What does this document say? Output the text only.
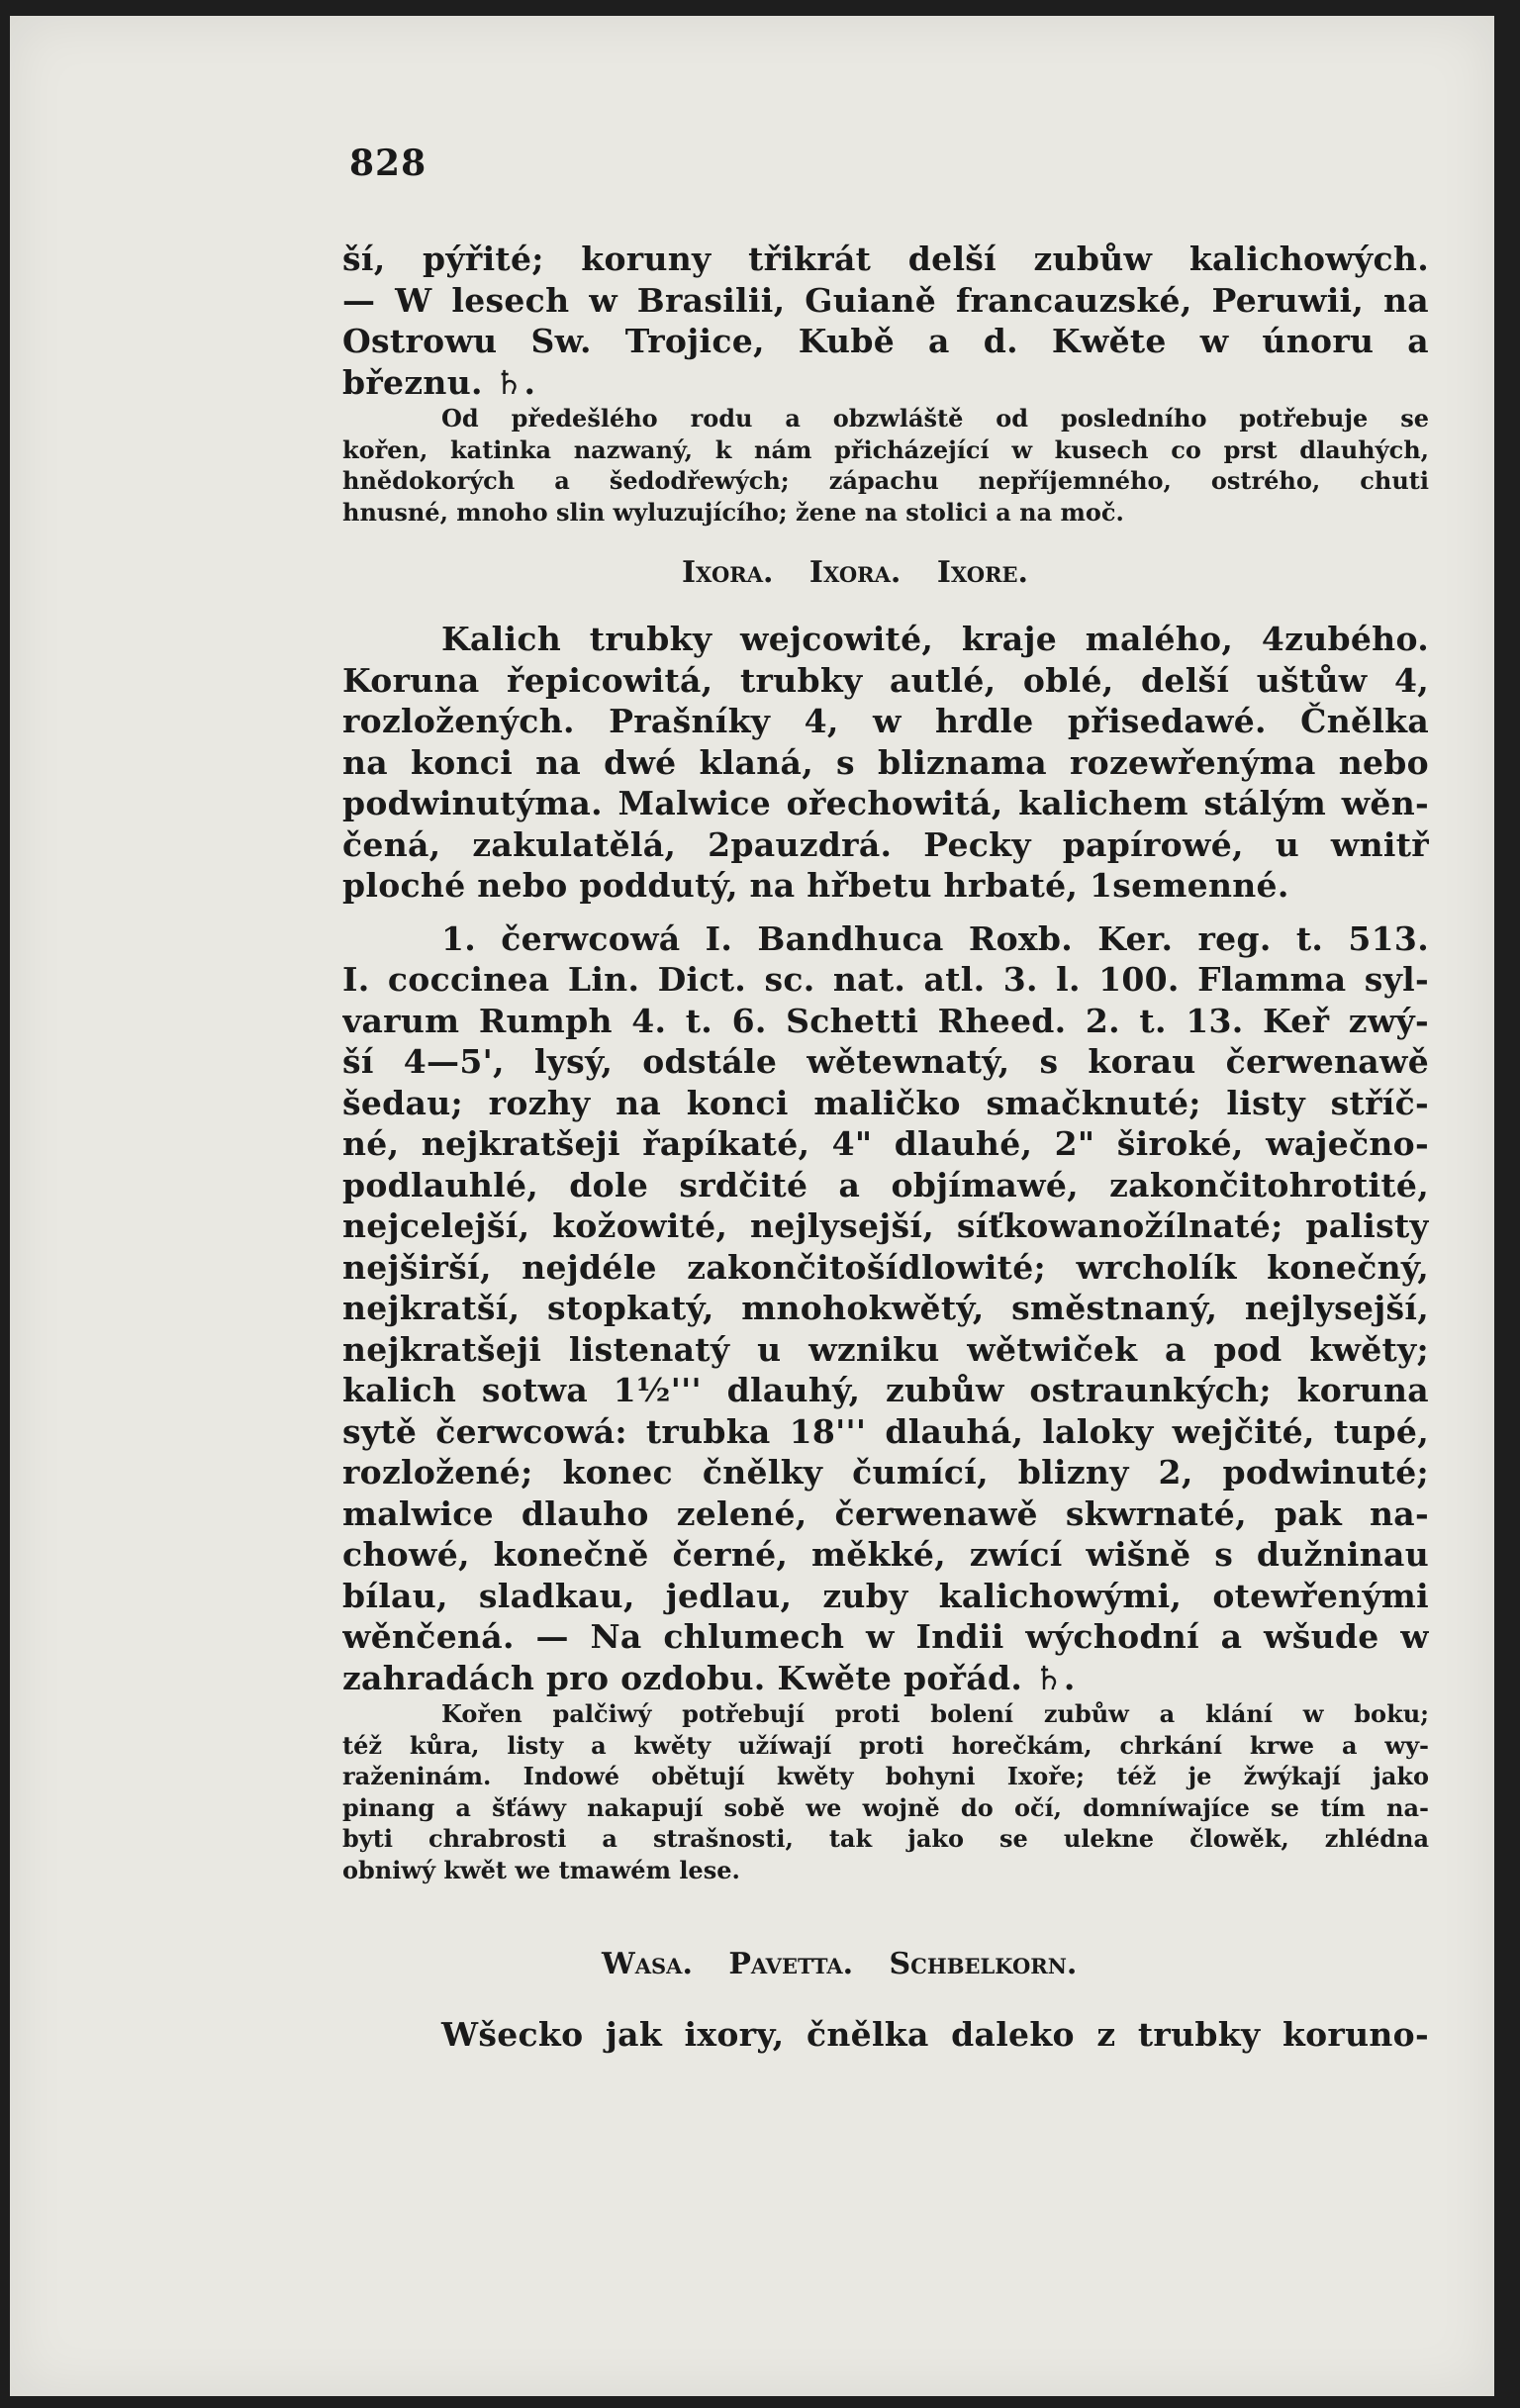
828
ší, pýřité; koruny třikrát delší zubůw kalichowých.
— W lesech w Brasilii, Guianě francauzské, Peruwii, na
Ostrowu Sw. Trojice, Kubě a d. Kwěte w únoru a
březnu. ♄.
Od předešlého rodu a obzwláště od posledního potřebuje se
kořen, katinka nazwaný, k nám přicházející w kusech co prst dlauhých,
hnědokorých a šedodřewých; zápachu nepříjemného, ostrého, chuti
hnusné, mnoho slin wyluzujícího; žene na stolici a na moč.
Ixora. Ixora. Ixore.
Kalich trubky wejcowité, kraje malého, 4zubého.
Koruna řepicowitá, trubky autlé, oblé, delší uštůw 4,
rozložených. Prašníky 4, w hrdle přisedawé. Čnělka
na konci na dwé klaná, s bliznama rozewřenýma nebo
podwinutýma. Malwice ořechowitá, kalichem stálým wěn-
čená, zakulatělá, 2pauzdrá. Pecky papírowé, u wnitř
ploché nebo poddutý, na hřbetu hrbaté, 1semenné.
1. čerwcowá I. Bandhuca Roxb. Ker. reg. t. 513.
I. coccinea Lin. Dict. sc. nat. atl. 3. l. 100. Flamma syl-
varum Rumph 4. t. 6. Schetti Rheed. 2. t. 13. Keř zwý-
ší 4—5', lysý, odstále wětewnatý, s korau čerwenawě
šedau; rozhy na konci maličko smačknuté; listy stříč-
né, nejkratšeji řapíkaté, 4" dlauhé, 2" široké, waječno-
podlauhlé, dole srdčité a objímawé, zakončitohrotité,
nejcelejší, kožowité, nejlysejší, síťkowanožílnaté; palisty
nejširší, nejdéle zakončitošídlowité; wrcholík konečný,
nejkratší, stopkatý, mnohokwětý, směstnaný, nejlysejší,
nejkratšeji listenatý u wzniku wětwiček a pod kwěty;
kalich sotwa 1½''' dlauhý, zubůw ostraunkých; koruna
sytě čerwcowá: trubka 18''' dlauhá, laloky wejčité, tupé,
rozložené; konec čnělky čumící, blizny 2, podwinuté;
malwice dlauho zelené, čerwenawě skwrnaté, pak na-
chowé, konečně černé, měkké, zwící wišně s dužninau
bílau, sladkau, jedlau, zuby kalichowými, otewřenými
wěnčená. — Na chlumech w Indii wýchodní a wšude w
zahradách pro ozdobu. Kwěte pořád. ♄.
Kořen palčiwý potřebují proti bolení zubůw a klání w boku;
též kůra, listy a kwěty užíwají proti horečkám, chrkání krwe a wy-
raženinám. Indowé obětují kwěty bohyni Ixoře; též je žwýkají jako
pinang a šťáwy nakapují sobě we wojně do očí, domníwajíce se tím na-
byti chrabrosti a strašnosti, tak jako se ulekne člowěk, zhlédna
obniwý kwět we tmawém lese.
Wasa. Pavetta. Schbelkorn.
Wšecko jak ixory, čnělka daleko z trubky koruno-
